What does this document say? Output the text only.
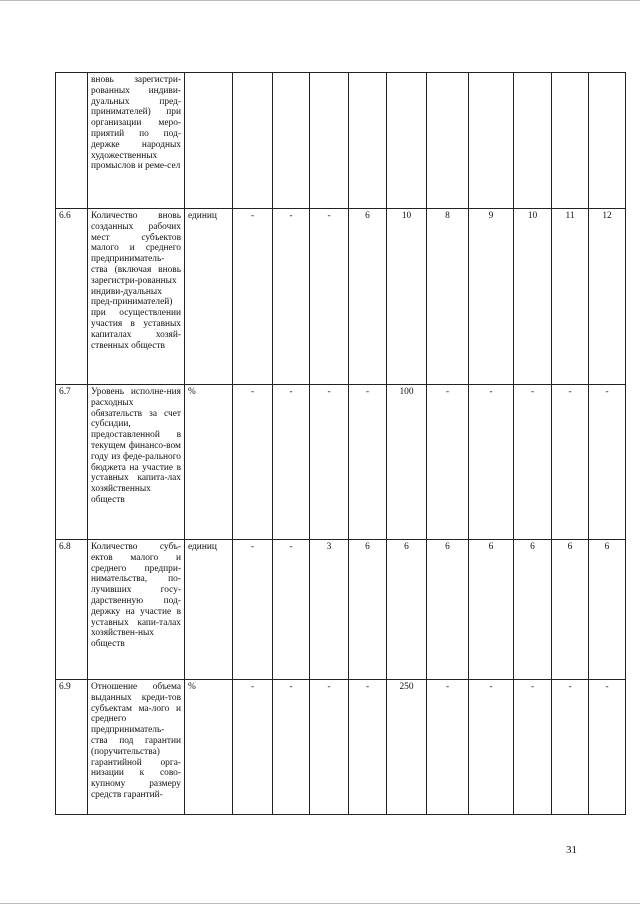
	вновь зарегистри-рованных индиви-дуальных пред-принимателей) при организации меро-приятий по под-держке народных художественных промыслов и реме-сел											
6.6	Количество вновь созданных рабочих мест субъектов малого и среднего предприниматель-ства (включая вновь зарегистри-рованных индиви-дуальных пред-принимателей) при осуществлении участия в уставных капиталах хозяй-ственных обществ	единиц	-	-	-	6	10	8	9	10	11	12
6.7	Уровень исполне-ния расходных обязательств за счет субсидии, предоставленной в текущем финансо-вом году из феде-рального бюджета на участие в уставных капита-лах хозяйственных обществ	%	-	-	-	-	100	-	-	-	-	-
6.8	Количество субъ-ектов малого и среднего предпри-нимательства, по-лучивших госу-дарственную под-держку на участие в уставных капи-талах хозяйствен-ных обществ	единиц	-	-	3	6	6	6	6	6	6	6
6.9	Отношение объема выданных креди-тов субъектам ма-лого и среднего предприниматель-ства под гарантии (поручительства) гарантийной орга-низации к сово-купному размеру средств гарантий-	%	-	-	-	-	250	-	-	-	-	-
31
